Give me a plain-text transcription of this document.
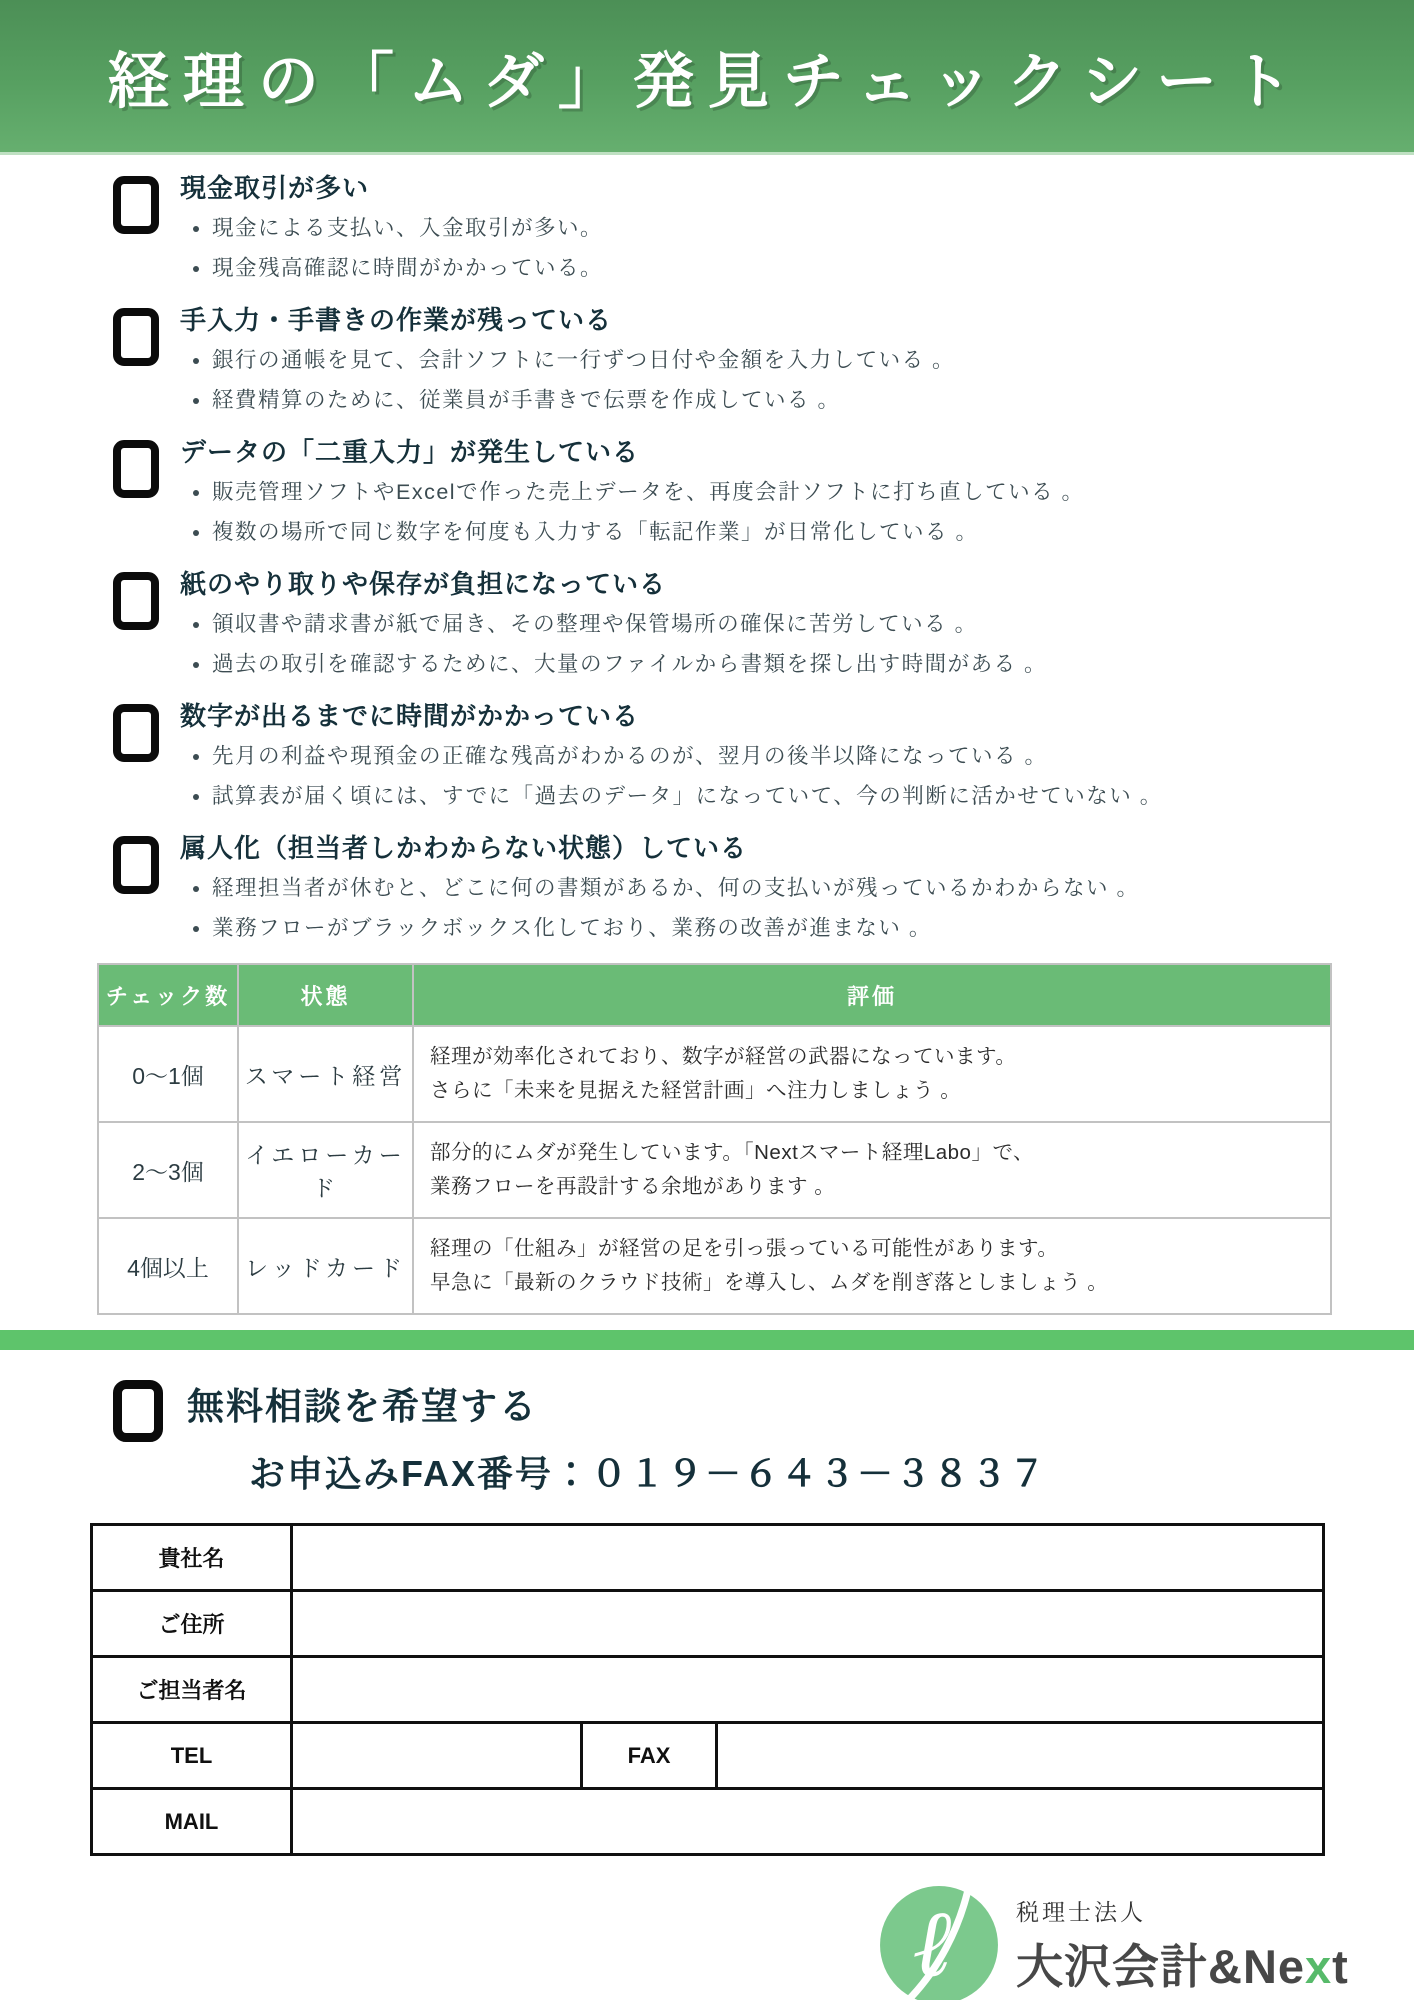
経理の「ムダ」発見チェックシート
現金取引が多い
• 現金による支払い、入金取引が多い。
• 現金残高確認に時間がかかっている。
手入力・手書きの作業が残っている
• 銀行の通帳を見て、会計ソフトに一行ずつ日付や金額を入力している 。
• 経費精算のために、従業員が手書きで伝票を作成している 。
データの「二重入力」が発生している
• 販売管理ソフトやExcelで作った売上データを、再度会計ソフトに打ち直している 。
• 複数の場所で同じ数字を何度も入力する「転記作業」が日常化している 。
紙のやり取りや保存が負担になっている
• 領収書や請求書が紙で届き、その整理や保管場所の確保に苦労している 。
• 過去の取引を確認するために、大量のファイルから書類を探し出す時間がある 。
数字が出るまでに時間がかかっている
• 先月の利益や現預金の正確な残高がわかるのが、翌月の後半以降になっている 。
• 試算表が届く頃には、すでに「過去のデータ」になっていて、今の判断に活かせていない 。
属人化（担当者しかわからない状態）している
• 経理担当者が休むと、どこに何の書類があるか、何の支払いが残っているかわからない 。
• 業務フローがブラックボックス化しており、業務の改善が進まない 。
チェック数	状態	評価
0〜1個	スマート経営	経理が効率化されており、数字が経営の武器になっています。
さらに「未来を見据えた経営計画」へ注力しましょう 。

2〜3個	イエローカード	部分的にムダが発生しています。「Nextスマート経理Labo」で、
業務フローを再設計する余地があります 。

4個以上	レッドカード	経理の「仕組み」が経営の足を引っ張っている可能性があります。
早急に「最新のクラウド技術」を導入し、ムダを削ぎ落としましょう 。
無料相談を希望する
お申込みFAX番号：０１９－６４３－３８３７
貴社名			
ご住所			
ご担当者名			
TEL		FAX	
MAIL			
ℓ	税理士法人
大沢会計&Next
